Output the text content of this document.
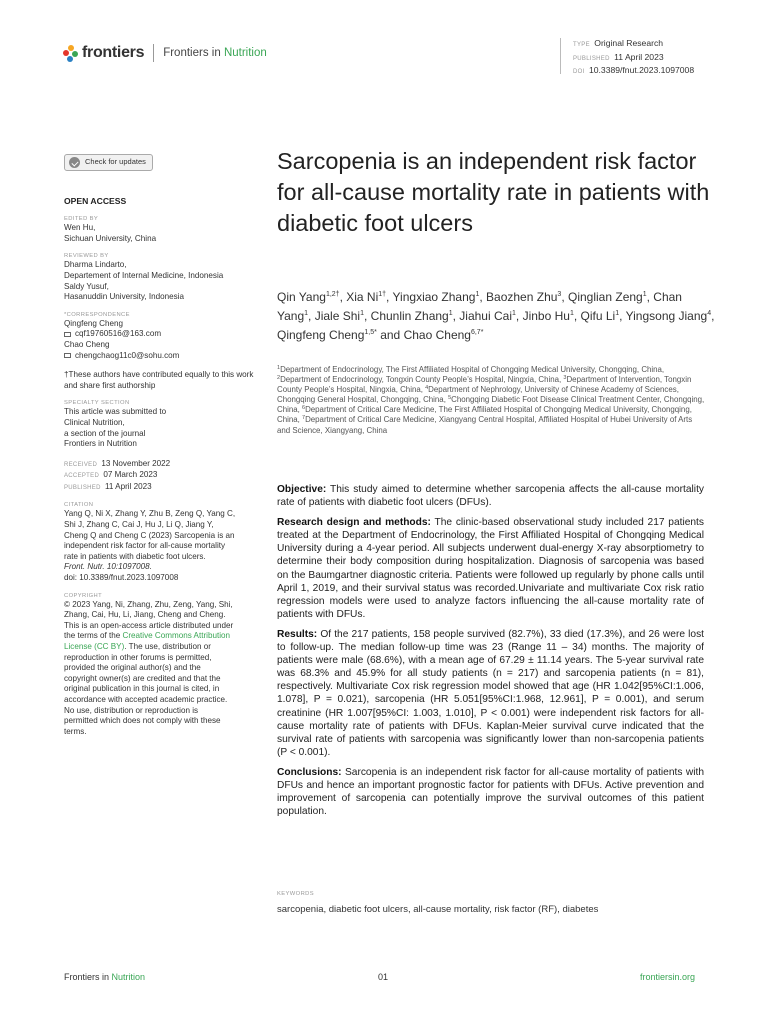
frontiers Frontiers in Nutrition
TYPE Original Research
PUBLISHED 11 April 2023
DOI 10.3389/fnut.2023.1097008
Check for updates
OPEN ACCESS
EDITED BY
Wen Hu,
Sichuan University, China
REVIEWED BY
Dharma Lindarto,
Departement of Internal Medicine, Indonesia
Saldy Yusuf,
Hasanuddin University, Indonesia
*CORRESPONDENCE
Qingfeng Cheng
cqf19760516@163.com
Chao Cheng
chengchaog11c0@sohu.com
†These authors have contributed equally to this work and share first authorship
SPECIALTY SECTION
This article was submitted to
Clinical Nutrition,
a section of the journal
Frontiers in Nutrition
RECEIVED 13 November 2022
ACCEPTED 07 March 2023
PUBLISHED 11 April 2023
CITATION
Yang Q, Ni X, Zhang Y, Zhu B, Zeng Q, Yang C,
Shi J, Zhang C, Cai J, Hu J, Li Q, Jiang Y,
Cheng Q and Cheng C (2023) Sarcopenia is an
independent risk factor for all-cause mortality
rate in patients with diabetic foot ulcers.
Front. Nutr. 10:1097008.
doi: 10.3389/fnut.2023.1097008
COPYRIGHT
© 2023 Yang, Ni, Zhang, Zhu, Zeng, Yang, Shi,
Zhang, Cai, Hu, Li, Jiang, Cheng and Cheng.
This is an open-access article distributed under
the terms of the Creative Commons Attribution
License (CC BY). The use, distribution or
reproduction in other forums is permitted,
provided the original author(s) and the
copyright owner(s) are credited and that the
original publication in this journal is cited, in
accordance with accepted academic practice.
No use, distribution or reproduction is
permitted which does not comply with these
terms.
Sarcopenia is an independent risk factor for all-cause mortality rate in patients with diabetic foot ulcers
Qin Yang$^{1,2\dagger}$, Xia $Ni^{1\dagger}$, Yingxiao Zhang$^1$, Baozhen Zhu$^3$, Qinglian Zeng$^1$, Chan Yang$^1$, Jiale Shi$^1$, Chunlin Zhang$^1$, Jiahui Cai$^1$, Jinbo Hu$^1$, Qifu Li$^1$, Yingsong Jiang$^4$, Qingfeng Cheng$^{1,5*}$ and Chao Cheng$^{6,7*}$
$^1$Department of Endocrinology, The First Affiliated Hospital of Chongqing Medical University, Chongqing, China, $^2$Department of Endocrinology, Tongxin County People’s Hospital, Ningxia, China, $^3$Department of Intervention, Tongxin County People’s Hospital, Ningxia, China, $^4$Department of Nephrology, University of Chinese Academy of Sciences, Chongqing General Hospital, Chongqing, China, $^5$Chongqing Diabetic Foot Disease Clinical Treatment Center, Chongqing, China, $^6$Department of Critical Care Medicine, The First Affiliated Hospital of Chongqing Medical University, Chongqing, China, $^7$Department of Critical Care Medicine, Xiangyang Central Hospital, Affiliated Hospital of Hubei University of Arts and Science, Xiangyang, China

Objective: This study aimed to determine whether sarcopenia affects the all-cause mortality rate of patients with diabetic foot ulcers (DFUs).

Research design and methods: The clinic-based observational study included 217 patients treated at the Department of Endocrinology, the First Affiliated Hospital of Chongqing Medical University during a 4-year period. All subjects underwent dual-energy X-ray absorptiometry to determine their body composition during hospitalization. Diagnosis of sarcopenia was based on the Baumgartner diagnostic criteria. Patients were followed up regularly by phone calls until April 1, 2019, and their survival status was recorded.Univariate and multivariate Cox risk ratio regression models were used to analyze factors influencing the all-cause mortality rate of patients with DFUs.

Results: Of the 217 patients, 158 people survived (82.7%), 33 died (17.3%), and 26 were lost to follow-up. The median follow-up time was 23 (Range 11 – 34) months. The majority of patients were male (68.6%), with a mean age of 67.29 ± 11.14 years. The 5-year survival rate was 68.3% and 45.9% for all study patients (n = 217) and sarcopenia patients (n = 81), respectively. Multivariate Cox risk regression model showed that age (HR 1.042[95%CI:1.006, 1.078], P = 0.021), sarcopenia (HR 5.051[95%CI:1.968, 12.961], P = 0.001), and serum creatinine (HR 1.007[95%CI: 1.003, 1.010], P < 0.001) were independent risk factors for all-cause mortality rate of patients with DFUs. Kaplan-Meier survival curve indicated that the survival rate of patients with sarcopenia was significantly lower than non-sarcopenia patients (P < 0.001).

Conclusions: Sarcopenia is an independent risk factor for all-cause mortality of patients with DFUs and hence an important prognostic factor for patients with DFUs. Active prevention and improvement of sarcopenia can potentially improve the survival outcomes of this patient population.

KEYWORDS
sarcopenia, diabetic foot ulcers, all-cause mortality, risk factor (RF), diabetes
Frontiers in Nutrition	01	frontiersin.org
